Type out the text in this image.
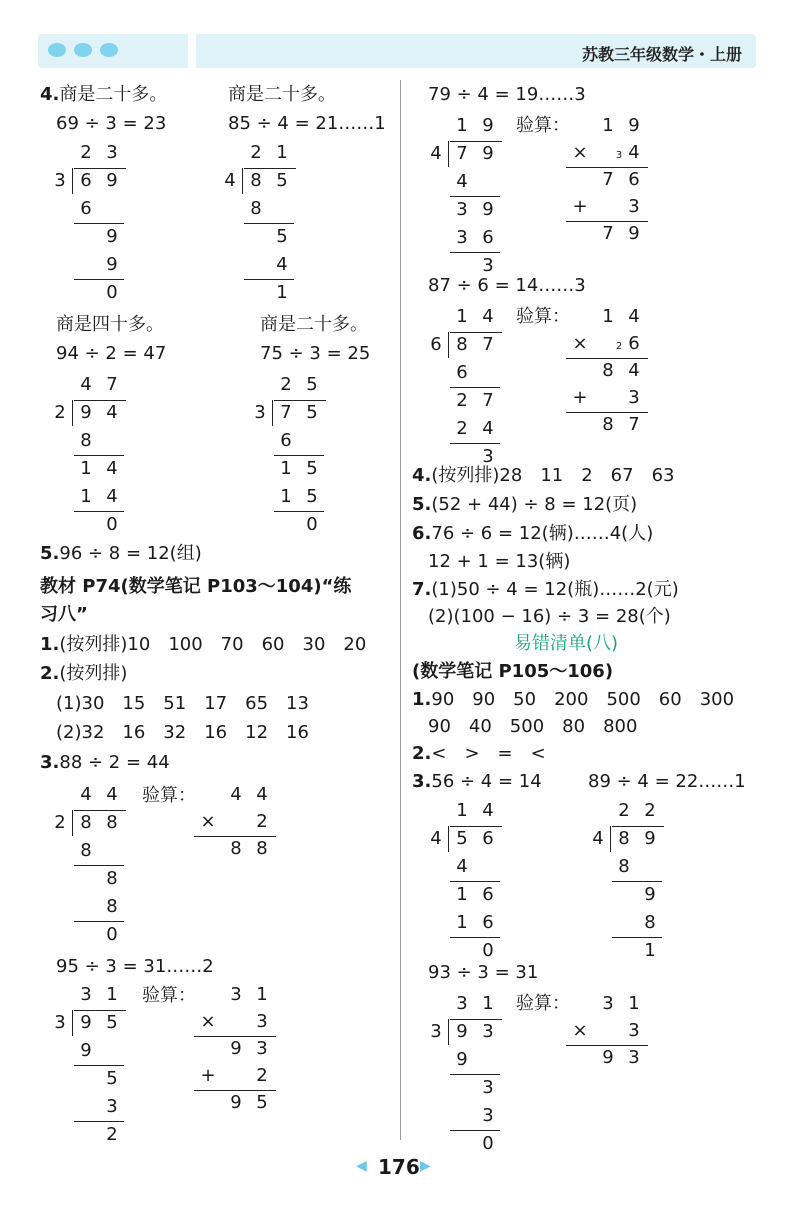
苏教三年级数学・上册
4.商是二十多。	商是二十多。
69 ÷ 3 = 23	85 ÷ 4 = 21……1
商是四十多。	商是二十多。
94 ÷ 2 = 47	75 ÷ 3 = 25
5.96 ÷ 8 = 12(组)
教材 P74(数学笔记 P103～104)“练
习八”
1.(按列排)10　100　70　60　30　20
2.(按列排)
(1)30　15　51　17　65　13
(2)32　16　32　16　12　16
3.88 ÷ 2 = 44
95 ÷ 3 = 31……2
79 ÷ 4 = 19……3
87 ÷ 6 = 14……3
4.(按列排)28　11　2　67　63
5.(52 + 44) ÷ 8 = 12(页)
6.76 ÷ 6 = 12(辆)……4(人)
12 + 1 = 13(辆)
7.(1)50 ÷ 4 = 12(瓶)……2(元)
(2)(100 − 16) ÷ 3 = 28(个)
易错清单(八)
(数学笔记 P105～106)
1.90　90　50　200　500　60　300
90　40　500　80　800
2.<　>　=　<
3.56 ÷ 4 = 14	89 ÷ 4 = 22……1
93 ÷ 3 = 31
验算：
验算：
验算：
验算：
验算：
2 3
3 6 9
6
9
9
0
2 1
4 8 5
8
5
4
1
4 7
2 9 4
8
1 4
1 4
0
2 5
3 7 5
6
1 5
1 5
0
4 4
2 8 8
8
8
8
0
3 1
3 9 5
9
5
3
2
1 9
4 7 9
4
3 9
3 6
3
1 4
6 8 7
6
2 7
2 4
3
1 4
4 5 6
4
1 6
1 6
0
2 2
4 8 9
8
9
8
1
3 1
3 9 3
9
3
3
0
4 4
×	2
8 8
3 1
×	3
9 3
+	2
9 5
1 9
×	4
3
7 6
+	3
7 9
1 4
×	6
2
8 4
+	3
8 7
3 1
×	3
9 3
◀ 176 ▶
